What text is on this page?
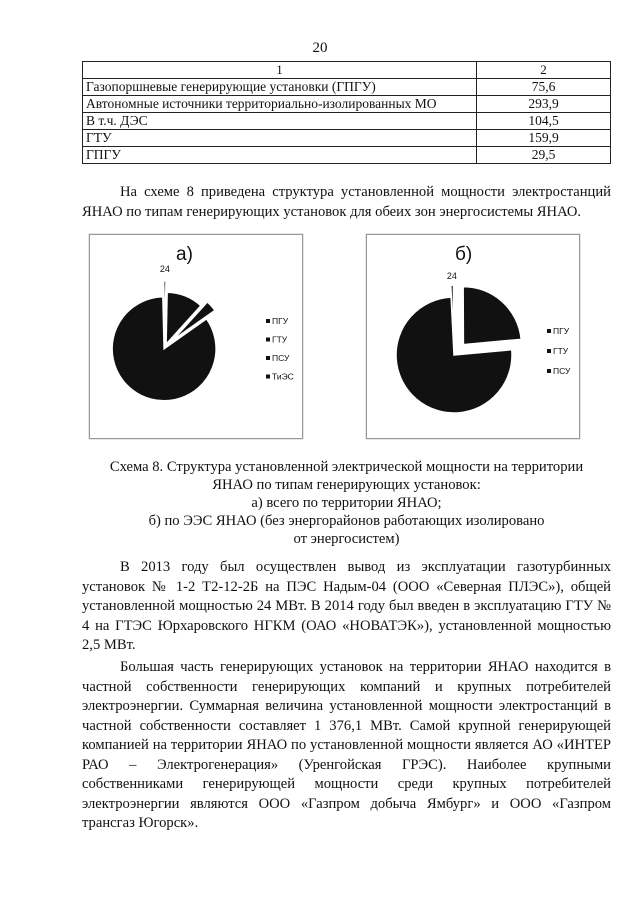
20
1	2
Газопоршневые генерирующие установки (ГПГУ)	75,6
Автономные источники территориально-изолированных МО	293,9
В т.ч. ДЭС	104,5
ГТУ	159,9
ГПГУ	29,5

На схеме 8 приведена структура установленной мощности электростанций ЯНАО по типам генерирующих установок для обеих зон энергосистемы ЯНАО.

а)
24
ПГУ
ГТУ
ПСУ
ТиЭС
б)
24
ПГУ
ГТУ
ПСУ
Схема 8. Структура установленной электрической мощности на территории
ЯНАО по типам генерирующих установок:
а) всего по территории ЯНАО;
б) по ЭЭС ЯНАО (без энергорайонов работающих изолировано
от энергосистем)

В 2013 году был осуществлен вывод из эксплуатации газотурбинных установок № 1-2 Т2-12-2Б на ПЭС Надым-04 (ООО «Северная ПЛЭС»), общей установленной мощностью 24 МВт. В 2014 году был введен в эксплуатацию ГТУ № 4 на ГТЭС Юрхаровского НГКМ (ОАО «НОВАТЭК»), установленной мощностью 2,5 МВт.

Большая часть генерирующих установок на территории ЯНАО находится в частной собственности генерирующих компаний и крупных потребителей электроэнергии. Суммарная величина установленной мощности электростанций в частной собственности составляет 1 376,1 МВт. Самой крупной генерирующей компанией на территории ЯНАО по установленной мощности является АО «ИНТЕР РАО – Электрогенерация» (Уренгойская ГРЭС). Наиболее крупными собственниками генерирующей мощности среди крупных потребителей электроэнергии являются ООО «Газпром добыча Ямбург» и ООО «Газпром трансгаз Югорск».
